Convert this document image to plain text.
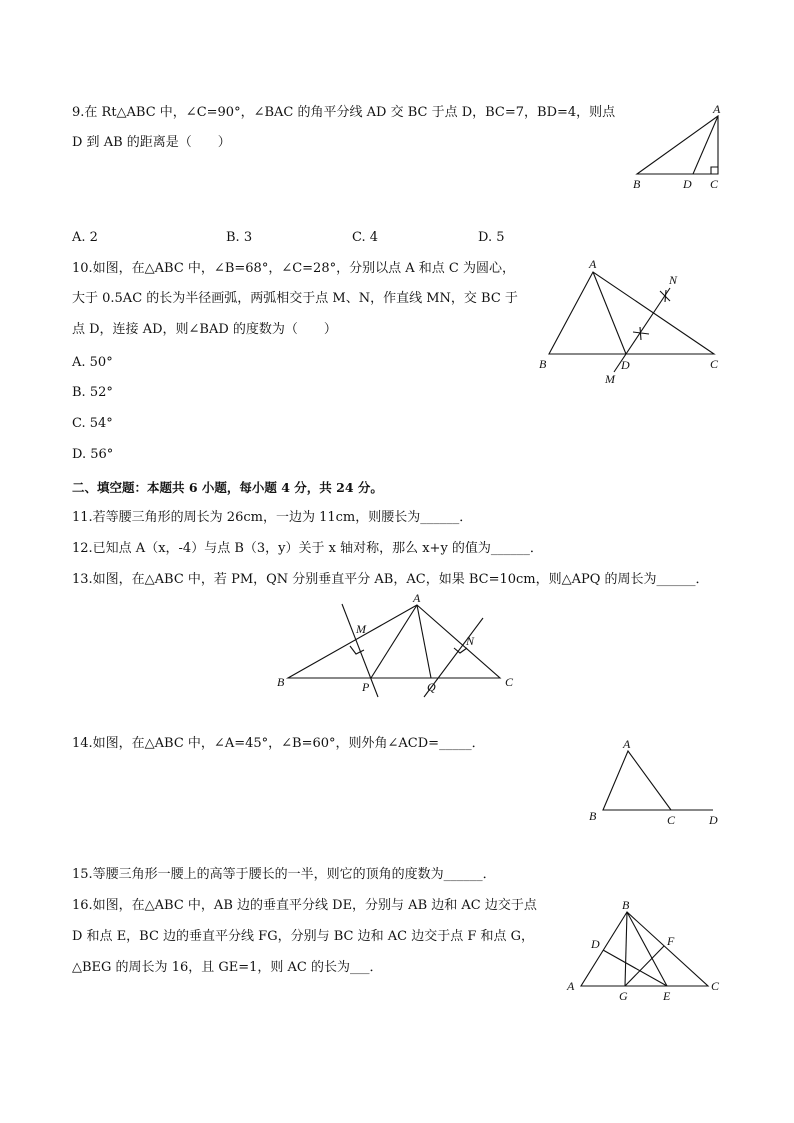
9.在 Rt△ABC 中，∠C=90°，∠BAC 的角平分线 AD 交 BC 于点 D，BC=7，BD=4，则点
D 到 AB 的距离是（　　）
A
B	D C
A. 2	B. 3	C. 4	D. 5
10.如图，在△ABC 中，∠B=68°，∠C=28°，分别以点 A 和点 C 为圆心，
大于 0.5AC 的长为半径画弧，两弧相交于点 M、N，作直线 MN，交 BC 于
点 D，连接 AD，则∠BAD 的度数为（　　）
A. 50°
B. 52°
C. 54°
D. 56°
A
N
B	D	C
M
二、填空题：本题共 6 小题，每小题 4 分，共 24 分。
11.若等腰三角形的周长为 26cm，一边为 11cm，则腰长为______．
12.已知点 A（x，-4）与点 B（3，y）关于 x 轴对称，那么 x+y 的值为______．
13.如图，在△ABC 中，若 PM，QN 分别垂直平分 AB，AC，如果 BC=10cm，则△APQ 的周长为______．
A
M
N
B	P	Q	C
14.如图，在△ABC 中，∠A=45°，∠B=60°，则外角∠ACD=_____．	A
B	C	D
15.等腰三角形一腰上的高等于腰长的一半，则它的顶角的度数为______．
16.如图，在△ABC 中，AB 边的垂直平分线 DE，分别与 AB 边和 AC 边交于点
D 和点 E，BC 边的垂直平分线 FG，分别与 BC 边和 AC 边交于点 F 和点 G，
△BEG 的周长为 16，且 GE=1，则 AC 的长为___．
B
D	F
A
G	E
C
